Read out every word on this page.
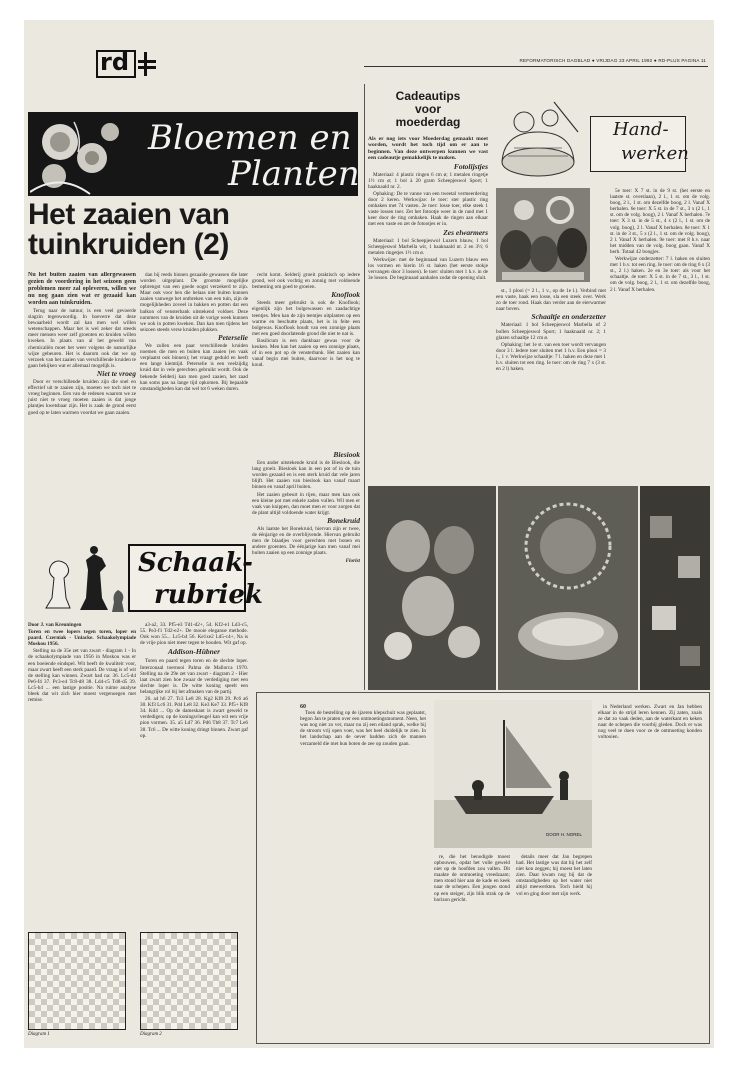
rd	REFORMATORISCH DAGBLAD ● VRIJDAG 23 APRIL 1992 ● RD-PLUS PAGINA 11
Bloemen en
Planten
Het zaaien van tuinkruiden (2)

Nu het buiten zaaien van allergewassen gezien de voordering in het seizoen geen problemen meer zal opleveren, willen we nu nog gaan zien wat er gezaaid kan worden aan tuinkruiden.

Terug naar de natuur, is een veel gevoerde slagzin tegenwoordig. In hoeverre dat deze bewaarheid wordt zal kan men wel willen wetenschappen. Maar het is wel zeker dat steeds meer mensen weer zelf groenten en kruiden willen kweken. In plaats van al het geweld van chemicaliën moet het weer volgens de natuurlijke wijze gebeuren. Het is daarom ook dat we op verzoek van het zaaien van verschillende kruiden te gaan bekijken wat er allemaal mogelijk is.

Niet te vroeg

Door er verschillende kruiden zijn die snel en effectief uit te zaaien zijn, moeten we toch niet te vroeg beginnen. Een van de redenen waarom we ze juist niet te vroeg moeten zaaien is dat jonge plantjes kwetsbaar zijn. Het is zaak de grond eerst goed op te laten warmen voordat we gaan zaaien.

dan bij reeds binnen gezaaide gewassen die later worden uitgeplant. De grootste mogelijke opbrengst van een goede oogst verzekerd te zijn. Maar ook voor hen die helaas niet buiten kunnen zaaien vanwege het ontbreken van een tuin, zijn de mogelijkheden zoveel in bakken en potten dat een balkon of vensterbank uitstekend voldoet. Deze nummers van de kruiden uit de vorige week kunnen we ook in potten kweken. Dan kan men tijdens het seizoen steeds verse kruiden plukken.

Peterselie

We zullen een paar verschillende kruiden noemen die men en buiten kan zaaien (en vaak verplaatst ook binnen); het vraagt geduld en heeft een lange kiemtijd. Peterselie is een veelzijdig kruid dat in vele gerechten gebruikt wordt. Ook de bekende Selderij kan men goed zaaien, het zaad kan soms pas na lange tijd opkomen. Bij bepaalde omstandigheden kan dat wel tot 6 weken duren.

recht komt. Selderij groeit praktisch op iedere grond, wel ook vochtig en zonnig met voldoende bemesting om goed te groeien.

Knoflook

Steeds meer gebruikt is ook de Knoflook; eigenlijk zijn het bolgewassen en zaadachtige teentjes. Men kan de zijn teentjes uitplanten op een warme en beschutte plaats, het is in feite een bolgewas. Knoflook houdt van een zonnige plaats met een goed doorlatende grond die niet te nat is.

Basilicum is een dankbaar gewas voor de keuken. Men kan het zaaien op een zonnige plaats, of in een pot op de vensterbank. Het zaaien kan vanaf begin mei buiten, daarvoor is het nog te koud.

Biesiook

Een ander uitstekende kruid is de Bieslook, die lang groeit. Bieslook kan in een pot of in de tuin worden gezaaid en is een sterk kruid dat vele jaren blijft. Het zaaien van bieslook kan vanaf maart binnen en vanaf april buiten.

Het zaaien gebeurt in rijen, maar men kan ook een kleine pot met enkele zaden vullen. Wil men er vaak van knippen, dan moet men er voor zorgen dat de plant altijd voldoende water krijgt.

Bonekruid

Als laatste het Bonekruid, hiervan zijn er twee, de éénjarige en de overblijvende. Hiervan gebruikt men de blaadjes voor gerechten met bonen en andere groenten. De éénjarige kan men vanaf mei buiten zaaien op een zonnige plaats.

Florist
Schaak-
rubriek

Door J. van Kreuningen

Toren en twee lopers tegen toren, loper en paard. Czerniak - Uniacke. Schaakolympiade Moskou 1956.

Stelling na de 35e zet van zwart - diagram 1 - In de schaakolympiade van 1956 in Moskou was er een boeiende eindspel. Wit heeft de kwaliteit voor, maar zwart heeft een sterk paard. De vraag is of wit de stelling kan winnen. Zwart had na: 36. Lc5-d4 Pe6-f4 37. Pc3-e4 Tc8-d8 38. Ld4-c5 Td8-d5 39. Lc5-b4 ... een lastige positie. Na ruime analyse bleek dat wit zich hier moest vergenoegen met remise.

a3-a2, 33. Pf5-e3 Td1-d2+, 54. Kf2-e1 Ld3-c5, 55. Pe3-f1 Td2-e2+. De mooie eleganue methode. Ook won 55... Lc5-b4 56. Ke1xe2 Ld5-c4+, Na is de vrije pion niet meer tegen te houden. Wit gaf op.

Addison-Hübner

Toren en paard tegen toren en de slechte loper. Interzonaal toernooi Palma de Mallorca 1970. Stelling na de 29e zet van zwart - diagram 2 - Hier laat zwart zien hoe zwaar de verdediging met een slechte loper is. De witte koning speelt een belangrijke rol bij het afmaken van de partij.

26. a4 h6 27. Tc3 Le8 28. Kg2 Kf8 29. Pc6 a6 30. Kf3 Lc6 31. Pd4 Le8 32. Ke3 Ke7 33. Pf5+ Kf8 34. Kd4 ... Op de dameskant is zwart geweld te verdedigen; op de koningsvleugel kan wit een vrije pion vormen. 35. a5 Ld7 36. Pd6 Tb8 37. Tc7 Le6 38. Tc6 ... De witte koning dringt binnen. Zwart gaf op.

Diagram 1	Diagram 2
Cadeautips
voor
moederdag

Als er nog iets voor Moederdag gemaakt moet worden, wordt het toch tijd om er aan te beginnen. Van deze ontwerpen kunnen we vast een cadeautje gemakkelijk te maken.

Fotolijstjes

Materiaal: 4 plastic ringen 6 cm ø; 1 metalen ringetje 1½ cm ø; 1 bol à 20 gram Scheepjeswol Sport; 1 haaknaald nr. 2.

Ophaking: De te vanne van een tweetal vermeerdering door 2 keren. Werkwijze: Ie toer: ster plastic ring omhaken met 74 vasten. 2e toer: losse toer, elke steek 1 vaste lossen toer. Zet het fotootje weer in de rand met 1 keer door de ring omhaken. Haak de ringen aan elkaar met een vaste en zet de fotootjes er in.

Zes elwarmers

Materiaal: 1 bol Scheepjeswol Luzern blauw, 1 bol Scheepjeswol Marbella wit, 1 haaknaald nr. 2 en 3½; 6 metalen ringetjes 1½ cm ø.

Werkwijze: met de beginnaad van Luzern blauw een los vormen en hierin 16 st. haken (het eerste stokje vervangen door 3 lossen). Ie toer: sluiten met 1 h.v. in de 3e lossen. De beginnaad aanhalen zodat de opening sluit.

Hand-
werken

st., 1 plooi (= 2 l., 1 v., op de 1e l.). Verbind met een vaste, haak een losse, sla een steek over. Werk zo de toer rond. Haak dan verder aan de eierwarmer naar boven.

Schaaltje en onderzetter

Materiaal: 1 bol Scheepjeswol Marbella of 2 bollen Scheepjeswol Sport; 1 haaknaald nr. 2; 1 glazen schaaltje 12 cm ø.

Ophaking: het 1e st. van een toer wordt vervangen door 3 l. Iedere toer sluiten met 1 h.v. Een plooi = 3 l., 1 v. Werkwijze schaaltje: 7 l. haken en deze met 1 h.v. sluiten tot een ring. Ie toer: om de ring 7 x (3 st. en 2 l) haken.

5e toer: X 7 st. in de 9 st. (het eerste en laatste st. overslaan), 2 l., 1 st. om de volg. boog, 2 l., 1 st. om dezelfde boog, 2 l. Vanaf X herhalen. 6e toer: X 5 st. in de 7 st., 3 x (2 l., 1 st. om de volg. boog), 2 l. Vanaf X herhalen. 7e toer: X 3 st. in de 5 st., 4 x (2 l., 1 st. om de volg. boog), 2 l. Vanaf X herhalen. 8e toer: X 1 st. in de 3 st., 5 x (2 l., 1 st. om de volg. boog), 2 l. Vanaf X herhalen. 9e toer: met 8 h.v. naar het midden van de volg. boog gaan. Vanaf X herh. Totaal 42 boogjes.

Werkwijze onderzetter: 7 l. haken en sluiten met 1 h.v. tot een ring. Ie toer: om de ring 6 x (3 st., 2 l.) haken. 2e en 3e toer: als voor het schaaltje. 4e toer: X 5 st. in de 7 st., 3 l., 1 st. om de volg. boog, 2 l., 1 st. om dezelfde boog, 2 l. Vanaf X herhalen.

DOOR H. NOREL
60

Toen de bestelling op de ijzeren klepschuit was geplaatst, begon Jan te praten over een ontmoetingsmoment. Neen, het was nog niet zo ver, maar nu zij een eiland sprak, welke bij de stroom vrij open voer, was het heel duidelijk te zien. In het landschap aan de oever hadden zich de mannen verzameld die met hun boten de zee op zouden gaan.

re, die het benodigde moest opbouwen, opdat het volle geweld niet op de hoofden zou vallen. Dit maakte de ontmoeting vreedzaam; men stond hier aan de kade en keek naar de schepen. Een jongen stond op een steiger, zijn blik strak op de horizon gericht.

details meer dat Jan begrepen had. Het lastige was dat hij het zelf niet kon zeggen; hij moest het laten zien. Daar kwam nog bij dat de omstandigheden op het water niet altijd meewerkten. Toch hield hij vol en ging door met zijn werk.

in Nederland werken. Zwart en Jan hebben elkaar in de strijd leren kennen. Zij zaten, zoals ze dat zo vaak deden, aan de waterkant en keken naar de schepen die voorbij gleden. Doch er was nog veel te doen voor ze de ontmoeting konden voltooien.
